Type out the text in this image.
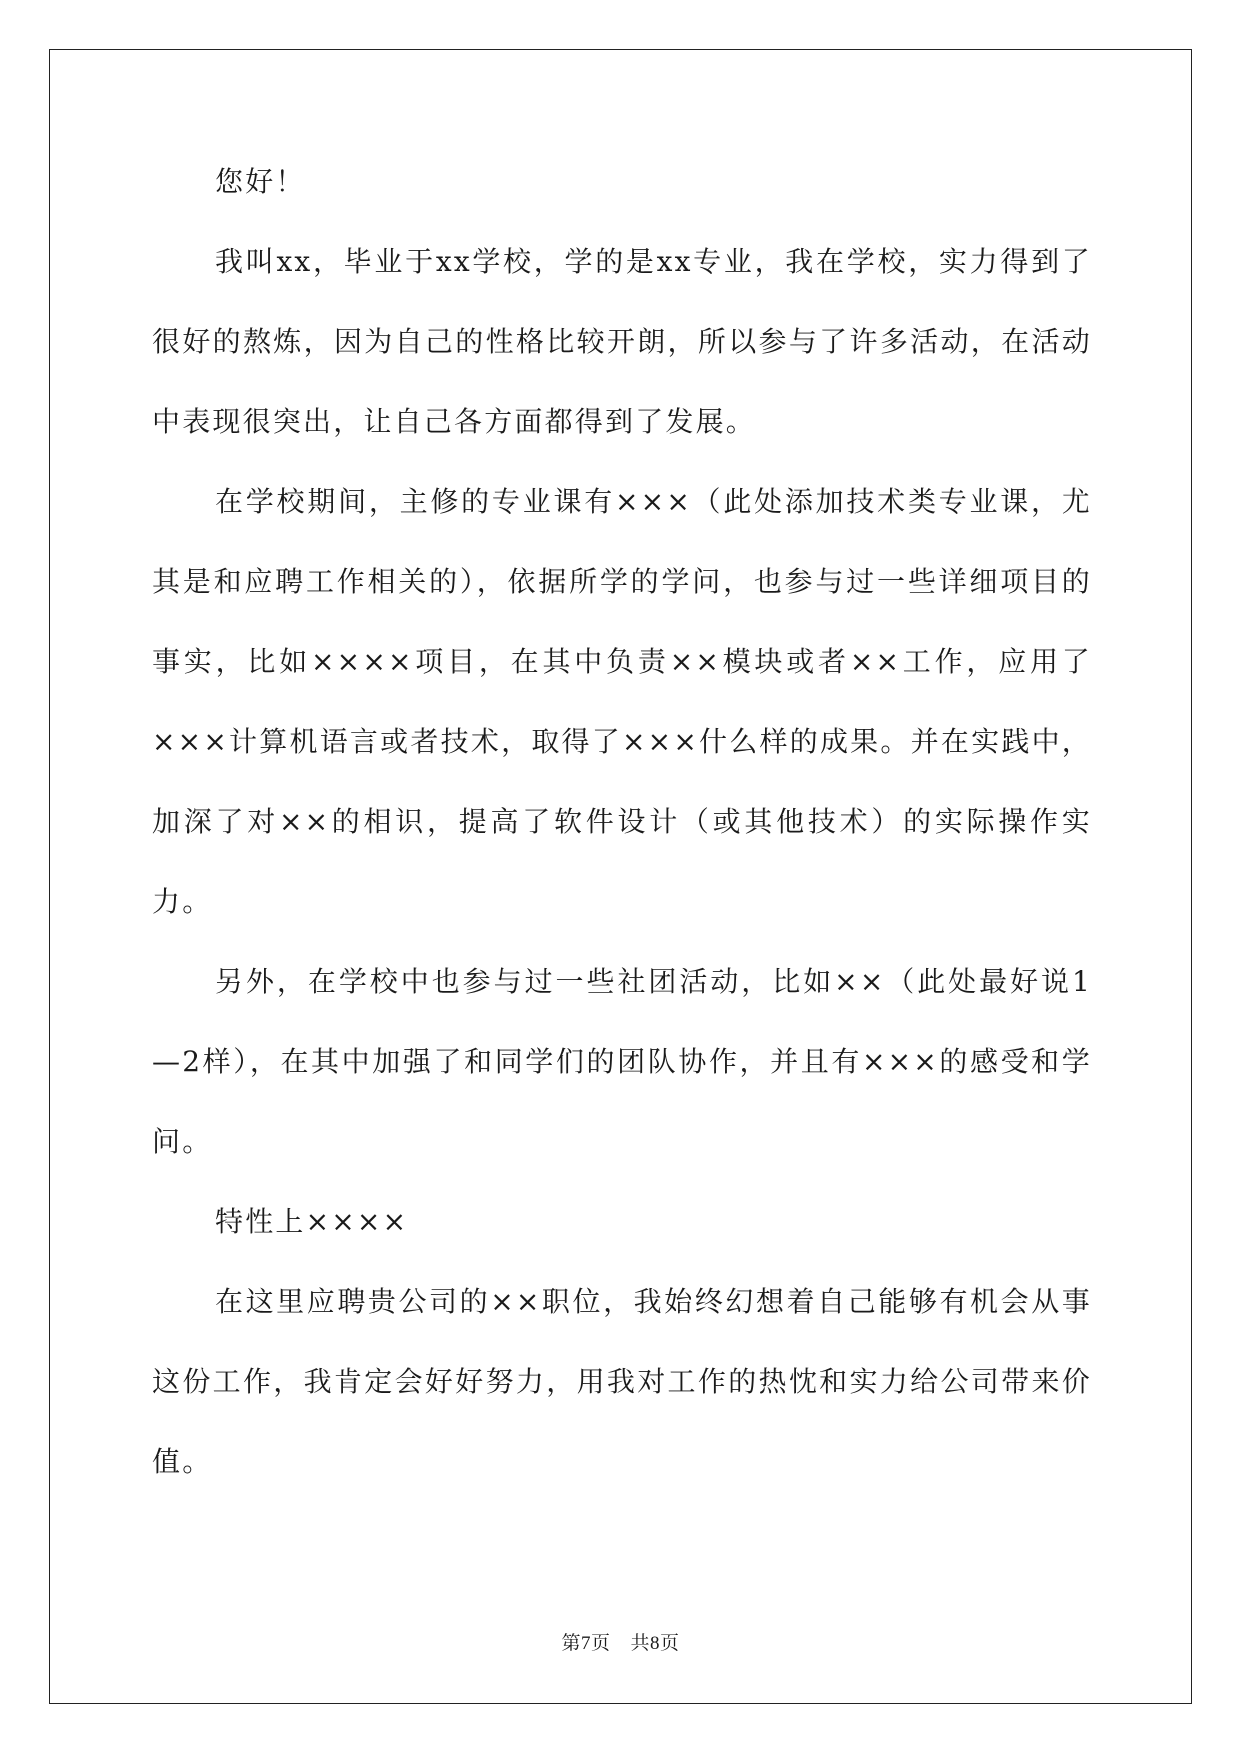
您好！

我叫xx，毕业于xx学校，学的是xx专业，我在学校，实力得到了很好的熬炼，因为自己的性格比较开朗，所以参与了许多活动，在活动中表现很突出，让自己各方面都得到了发展。

在学校期间，主修的专业课有×××（此处添加技术类专业课，尤其是和应聘工作相关的），依据所学的学问，也参与过一些详细项目的事实，比如××××项目，在其中负责××模块或者××工作，应用了×××计算机语言或者技术，取得了×××什么样的成果。并在实践中，加深了对××的相识，提高了软件设计（或其他技术）的实际操作实力。

另外，在学校中也参与过一些社团活动，比如××（此处最好说1—2样），在其中加强了和同学们的团队协作，并且有×××的感受和学问。

特性上××××

在这里应聘贵公司的××职位，我始终幻想着自己能够有机会从事这份工作，我肯定会好好努力，用我对工作的热忱和实力给公司带来价值。

第7页 共8页
